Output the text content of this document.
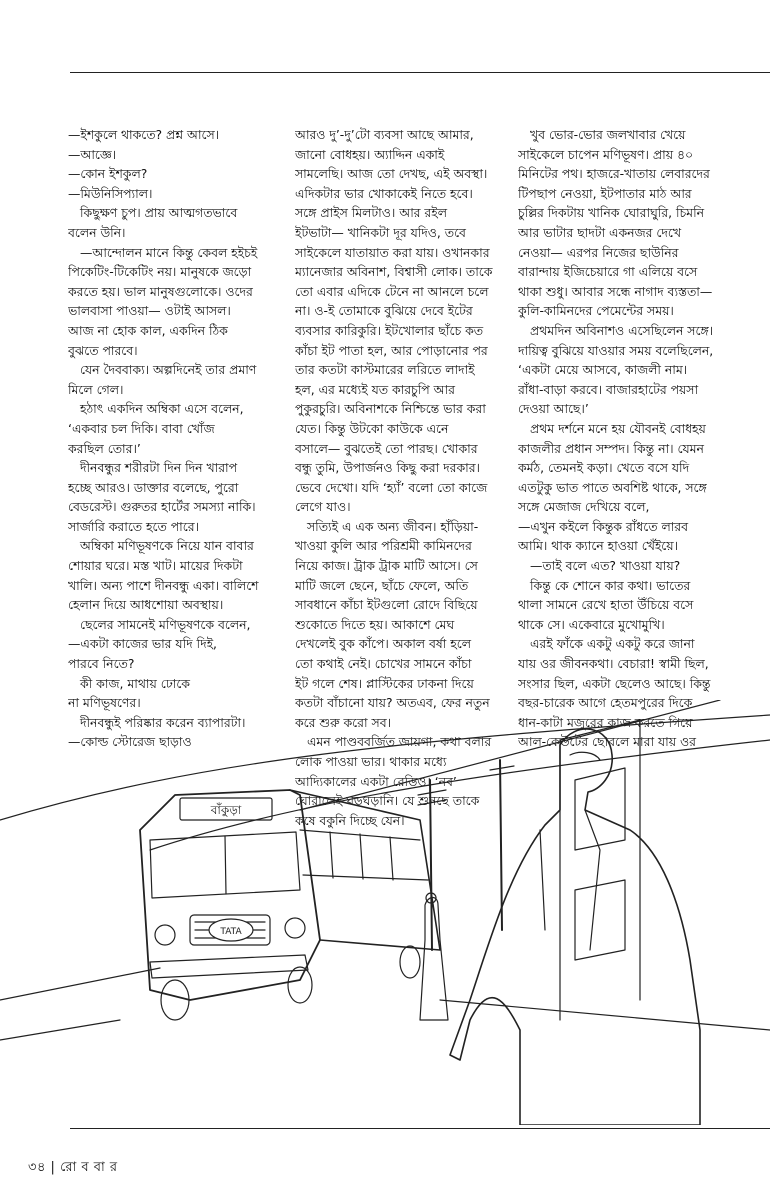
—ইশকুলে থাকতে? প্রশ্ন আসে।

—আজ্ঞে।

—কোন ইশকুল?

—মিউনিসিপ্যাল।

কিছুক্ষণ চুপ। প্রায় আত্মগতভাবে

বলেন উনি।

—আন্দোলন মানে কিন্তু কেবল হইচই

পিকেটিং-টিকেটিং নয়। মানুষকে জড়ো

করতে হয়। ভাল মানুষগুলোকে। ওদের

ভালবাসা পাওয়া— ওটাই আসল।

আজ না হোক কাল, একদিন ঠিক

বুঝতে পারবে।

যেন দৈববাক্য। অল্পদিনেই তার প্রমাণ

মিলে গেল।

হঠাৎ একদিন অম্বিকা এসে বলেন,

‘একবার চল দিকি। বাবা খোঁজ

করছিল তোর।’

দীনবন্ধুর শরীরটা দিন দিন খারাপ

হচ্ছে আরও। ডাক্তার বলেছে, পুরো

বেডরেস্ট। গুরুতর হার্টের সমস্যা নাকি।

সার্জারি করাতে হতে পারে।

অম্বিকা মণিভূষণকে নিয়ে যান বাবার

শোয়ার ঘরে। মস্ত খাট। মায়ের দিকটা

খালি। অন্য পাশে দীনবন্ধু একা। বালিশে

হেলান দিয়ে আধশোয়া অবস্থায়।

ছেলের সামনেই মণিভূষণকে বলেন,

—একটা কাজের ভার যদি দিই,

পারবে নিতে?

কী কাজ, মাথায় ঢোকে

না মণিভূষণের।

দীনবন্ধুই পরিষ্কার করেন ব্যাপারটা।

—কোল্ড স্টোরেজ ছাড়াও

আরও দু’-দু’টো ব্যবসা আছে আমার,

জানো বোধহয়। অ্যাদ্দিন একাই

সামলেছি। আজ তো দেখছ, এই অবস্থা।

এদিকটার ভার খোকাকেই নিতে হবে।

সঙ্গে প্রাইস মিলটাও। আর রইল

ইটভাটা— খানিকটা দূর যদিও, তবে

সাইকেলে যাতায়াত করা যায়। ওখানকার

ম্যানেজার অবিনাশ, বিশ্বাসী লোক। তাকে

তো এবার এদিকে টেনে না আনলে চলে

না। ও-ই তোমাকে বুঝিয়ে দেবে ইটের

ব্যবসার কারিকুরি। ইটখোলার ছাঁচে কত

কাঁচা ইট পাতা হল, আর পোড়ানোর পর

তার কতটা কাস্টমারের লরিতে লাদাই

হল, এর মধ্যেই যত কারচুপি আর

পুকুরচুরি। অবিনাশকে নিশ্চিন্তে ভার করা

যেত। কিন্তু উটকো কাউকে এনে

বসালে— বুঝতেই তো পারছ। খোকার

বন্ধু তুমি, উপার্জনও কিছু করা দরকার।

ভেবে দেখো। যদি ‘হ্যাঁ’ বলো তো কাজে

লেগে যাও।

সত্যিই এ এক অন্য জীবন। হাঁড়িয়া-

খাওয়া কুলি আর পরিশ্রমী কামিনদের

নিয়ে কাজ। ট্রাক ট্রাক মাটি আসে। সে

মাটি জলে ছেনে, ছাঁচে ফেলে, অতি

সাবধানে কাঁচা ইটগুলো রোদে বিছিয়ে

শুকোতে দিতে হয়। আকাশে মেঘ

দেখলেই বুক কাঁপে। অকাল বর্ষা হলে

তো কথাই নেই। চোখের সামনে কাঁচা

ইট গলে শেষ। প্লাস্টিকের ঢাকনা দিয়ে

কতটা বাঁচানো যায়? অতএব, ফের নতুন

করে শুরু করো সব।

এমন পাণ্ডববর্জিত জায়গা, কথা বলার

লোক পাওয়া ভার। থাকার মধ্যে

আদ্যিকালের একটা রেডিও। ‘নব’

ঘোরালেই ঘড়ঘড়ানি। যে শুনছে তাকে

কষে বকুনি দিচ্ছে যেন।

খুব ভোর-ভোর জলখাবার খেয়ে

সাইকেলে চাপেন মণিভূষণ। প্রায় ৪০

মিনিটের পথ। হাজরে-খাতায় লেবারদের

টিপছাপ নেওয়া, ইটপাতার মাঠ আর

চুল্লির দিকটায় খানিক ঘোরাঘুরি, চিমনি

আর ভাটার ছাদটা একনজর দেখে

নেওয়া— এরপর নিজের ছাউনির

বারান্দায় ইজিচেয়ারে গা এলিয়ে বসে

থাকা শুধু। আবার সন্ধে নাগাদ ব্যস্ততা—

কুলি-কামিনদের পেমেন্টের সময়।

প্রথমদিন অবিনাশও এসেছিলেন সঙ্গে।

দায়িত্ব বুঝিয়ে যাওয়ার সময় বলেছিলেন,

‘একটা মেয়ে আসবে, কাজলী নাম।

রাঁধা-বাড়া করবে। বাজারহাটের পয়সা

দেওয়া আছে।’

প্রথম দর্শনে মনে হয় যৌবনই বোধহয়

কাজলীর প্রধান সম্পদ। কিন্তু না। যেমন

কর্মঠ, তেমনই কড়া। খেতে বসে যদি

এতটুকু ভাত পাতে অবশিষ্ট থাকে, সঙ্গে

সঙ্গে মেজাজ দেখিয়ে বলে,

—এখুন কইলে কিন্তুক রাঁধতে লারব

আমি। থাক ক্যানে হাওয়া খেঁইয়ে।

—তাই বলে এত? খাওয়া যায়?

কিন্তু কে শোনে কার কথা। ভাতের

থালা সামনে রেখে হাতা উঁচিয়ে বসে

থাকে সে। একেবারে মুখোমুখি।

এরই ফাঁকে একটু একটু করে জানা

যায় ওর জীবনকথা। বেচারা! স্বামী ছিল,

সংসার ছিল, একটা ছেলেও আছে। কিন্তু

বছর-চারেক আগে হেতমপুরের দিকে

ধান-কাটা মজুরের কাজ করতে গিয়ে

আল-কেউটের ছোবলে মারা যায় ওর

বাঁকুড়া
TATA
৩৪ | রো ব বা র
